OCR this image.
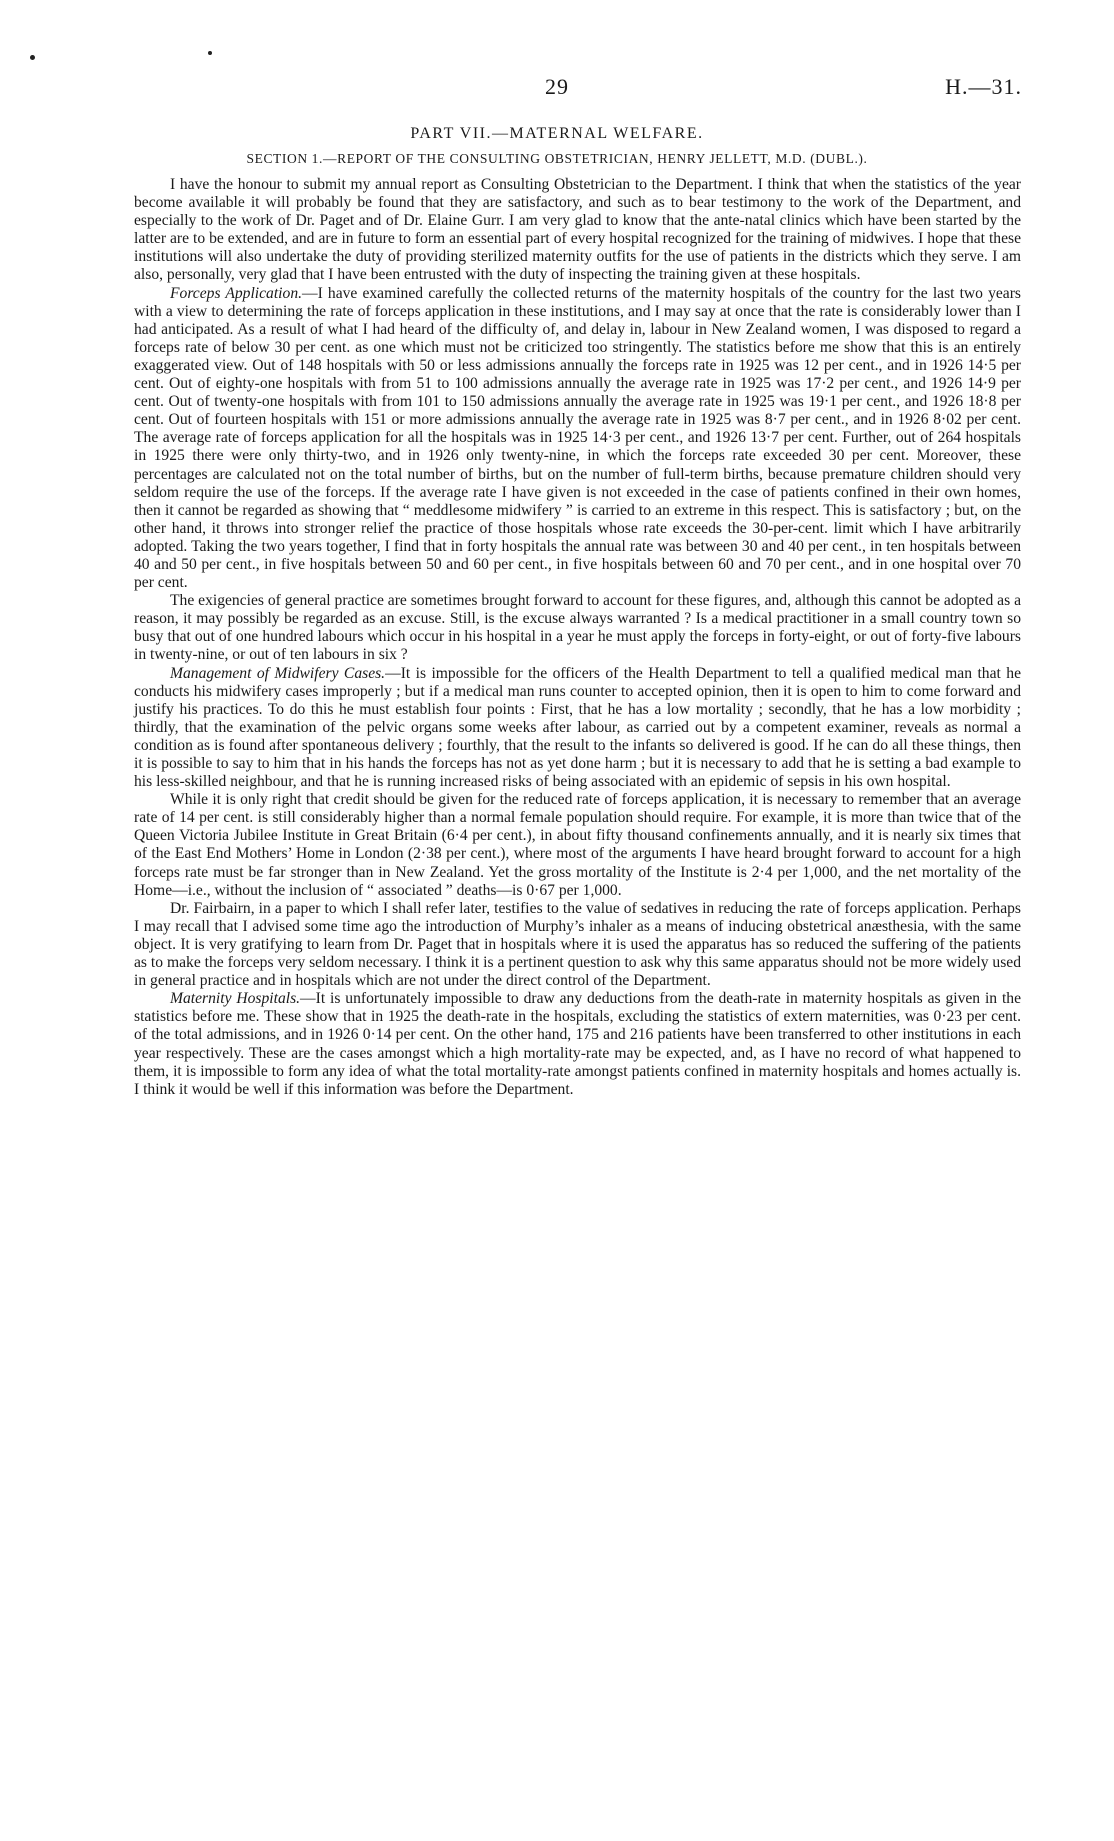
29	H.—31.
PART VII.—MATERNAL WELFARE.
SECTION 1.—REPORT OF THE CONSULTING OBSTETRICIAN, HENRY JELLETT, M.D. (DUBL.).

I have the honour to submit my annual report as Consulting Obstetrician to the Department. I think that when the statistics of the year become available it will probably be found that they are satisfactory, and such as to bear testimony to the work of the Department, and especially to the work of Dr. Paget and of Dr. Elaine Gurr. I am very glad to know that the ante-natal clinics which have been started by the latter are to be extended, and are in future to form an essential part of every hospital recognized for the training of midwives. I hope that these institutions will also undertake the duty of providing sterilized maternity outfits for the use of patients in the districts which they serve. I am also, personally, very glad that I have been entrusted with the duty of inspecting the training given at these hospitals.

Forceps Application.—I have examined carefully the collected returns of the maternity hospitals of the country for the last two years with a view to determining the rate of forceps application in these institutions, and I may say at once that the rate is considerably lower than I had anticipated. As a result of what I had heard of the difficulty of, and delay in, labour in New Zealand women, I was disposed to regard a forceps rate of below 30 per cent. as one which must not be criticized too stringently. The statistics before me show that this is an entirely exaggerated view. Out of 148 hospitals with 50 or less admissions annually the forceps rate in 1925 was 12 per cent., and in 1926 14·5 per cent. Out of eighty-one hospitals with from 51 to 100 admissions annually the average rate in 1925 was 17·2 per cent., and 1926 14·9 per cent. Out of twenty-one hospitals with from 101 to 150 admissions annually the average rate in 1925 was 19·1 per cent., and 1926 18·8 per cent. Out of fourteen hospitals with 151 or more admissions annually the average rate in 1925 was 8·7 per cent., and in 1926 8·02 per cent. The average rate of forceps application for all the hospitals was in 1925 14·3 per cent., and 1926 13·7 per cent. Further, out of 264 hospitals in 1925 there were only thirty-two, and in 1926 only twenty-nine, in which the forceps rate exceeded 30 per cent. Moreover, these percentages are calculated not on the total number of births, but on the number of full-term births, because premature children should very seldom require the use of the forceps. If the average rate I have given is not exceeded in the case of patients confined in their own homes, then it cannot be regarded as showing that “ meddlesome midwifery ” is carried to an extreme in this respect. This is satisfactory ; but, on the other hand, it throws into stronger relief the practice of those hospitals whose rate exceeds the 30-per-cent. limit which I have arbitrarily adopted. Taking the two years together, I find that in forty hospitals the annual rate was between 30 and 40 per cent., in ten hospitals between 40 and 50 per cent., in five hospitals between 50 and 60 per cent., in five hospitals between 60 and 70 per cent., and in one hospital over 70 per cent.

The exigencies of general practice are sometimes brought forward to account for these figures, and, although this cannot be adopted as a reason, it may possibly be regarded as an excuse. Still, is the excuse always warranted ? Is a medical practitioner in a small country town so busy that out of one hundred labours which occur in his hospital in a year he must apply the forceps in forty-eight, or out of forty-five labours in twenty-nine, or out of ten labours in six ?

Management of Midwifery Cases.—It is impossible for the officers of the Health Department to tell a qualified medical man that he conducts his midwifery cases improperly ; but if a medical man runs counter to accepted opinion, then it is open to him to come forward and justify his practices. To do this he must establish four points : First, that he has a low mortality ; secondly, that he has a low morbidity ; thirdly, that the examination of the pelvic organs some weeks after labour, as carried out by a competent examiner, reveals as normal a condition as is found after spontaneous delivery ; fourthly, that the result to the infants so delivered is good. If he can do all these things, then it is possible to say to him that in his hands the forceps has not as yet done harm ; but it is necessary to add that he is setting a bad example to his less-skilled neighbour, and that he is running increased risks of being associated with an epidemic of sepsis in his own hospital.

While it is only right that credit should be given for the reduced rate of forceps application, it is necessary to remember that an average rate of 14 per cent. is still considerably higher than a normal female population should require. For example, it is more than twice that of the Queen Victoria Jubilee Institute in Great Britain (6·4 per cent.), in about fifty thousand confinements annually, and it is nearly six times that of the East End Mothers’ Home in London (2·38 per cent.), where most of the arguments I have heard brought forward to account for a high forceps rate must be far stronger than in New Zealand. Yet the gross mortality of the Institute is 2·4 per 1,000, and the net mortality of the Home—i.e., without the inclusion of “ associated ” deaths—is 0·67 per 1,000.

Dr. Fairbairn, in a paper to which I shall refer later, testifies to the value of sedatives in reducing the rate of forceps application. Perhaps I may recall that I advised some time ago the introduction of Murphy’s inhaler as a means of inducing obstetrical anæsthesia, with the same object. It is very gratifying to learn from Dr. Paget that in hospitals where it is used the apparatus has so reduced the suffering of the patients as to make the forceps very seldom necessary. I think it is a pertinent question to ask why this same apparatus should not be more widely used in general practice and in hospitals which are not under the direct control of the Department.

Maternity Hospitals.—It is unfortunately impossible to draw any deductions from the death-rate in maternity hospitals as given in the statistics before me. These show that in 1925 the death-rate in the hospitals, excluding the statistics of extern maternities, was 0·23 per cent. of the total admissions, and in 1926 0·14 per cent. On the other hand, 175 and 216 patients have been transferred to other institutions in each year respectively. These are the cases amongst which a high mortality-rate may be expected, and, as I have no record of what happened to them, it is impossible to form any idea of what the total mortality-rate amongst patients confined in maternity hospitals and homes actually is. I think it would be well if this information was before the Department.
